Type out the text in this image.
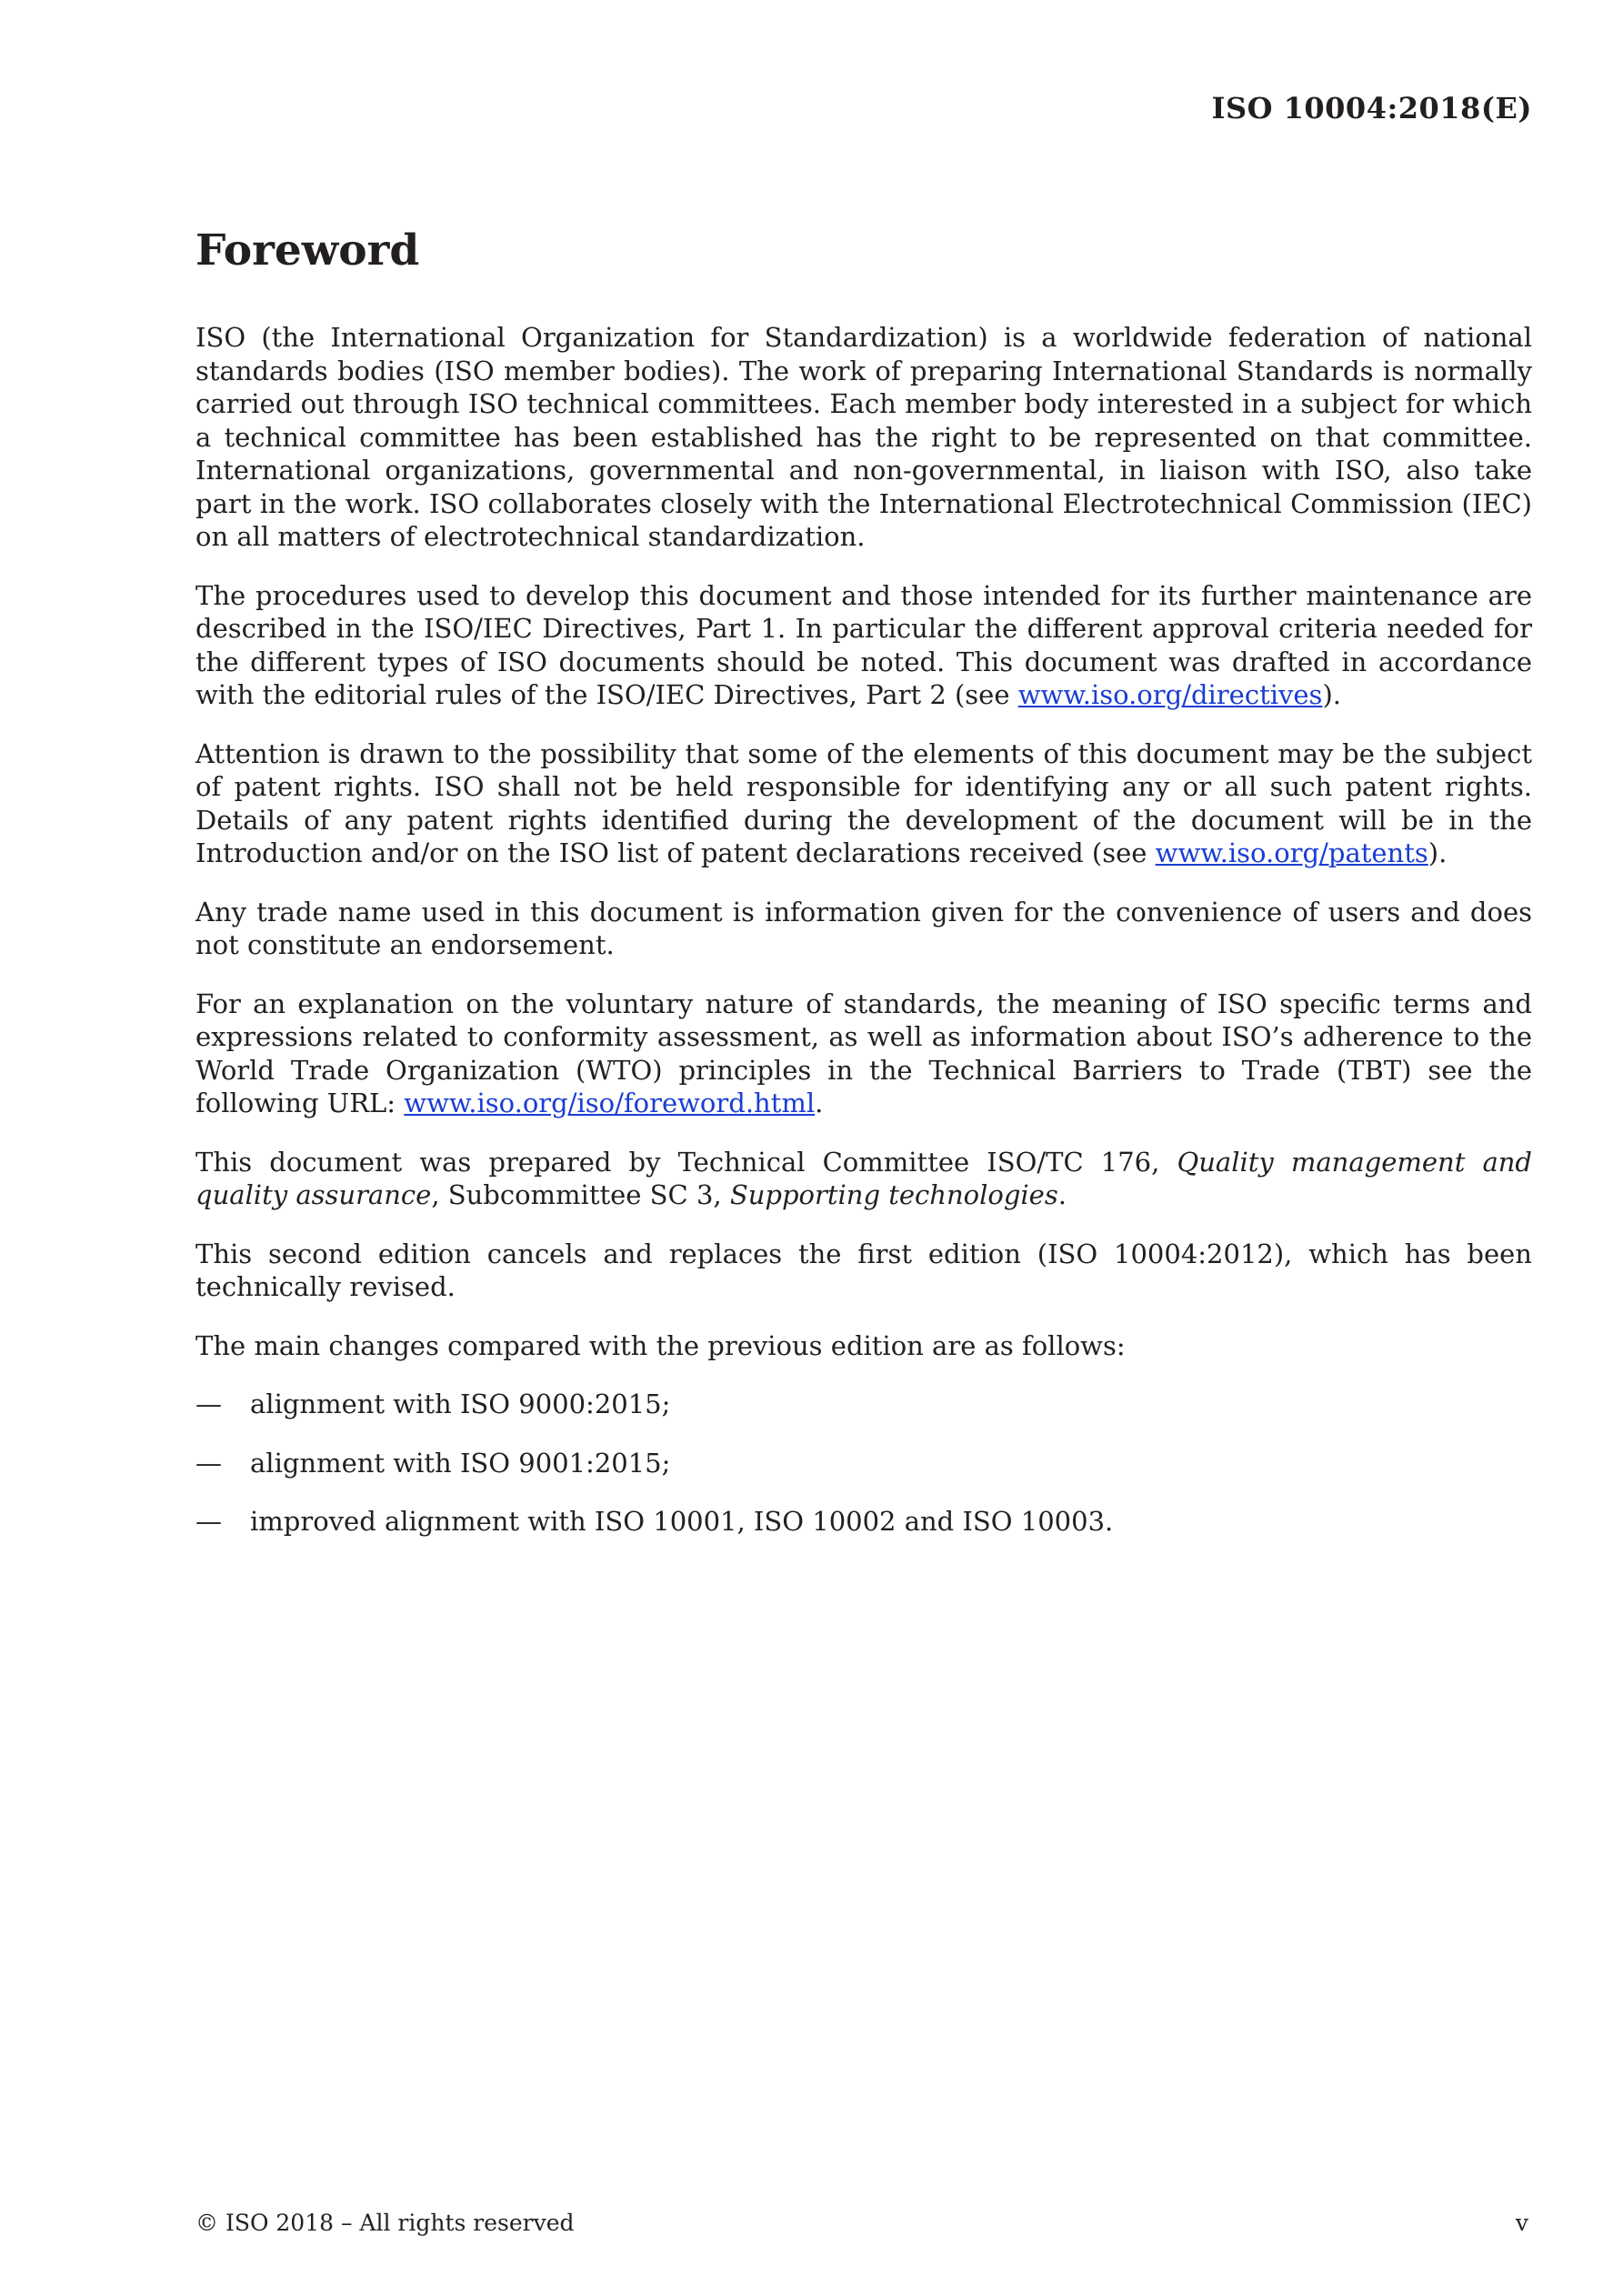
ISO 10004:2018(E)
Foreword

ISO (the International Organization for Standardization) is a worldwide federation of national standards bodies (ISO member bodies). The work of preparing International Standards is normally carried out through ISO technical committees. Each member body interested in a subject for which a technical committee has been established has the right to be represented on that committee. International organizations, governmental and non-governmental, in liaison with ISO, also take part in the work. ISO collaborates closely with the International Electrotechnical Commission (IEC) on all matters of electrotechnical standardization.

The procedures used to develop this document and those intended for its further maintenance are described in the ISO/IEC Directives, Part 1. In particular the different approval criteria needed for the different types of ISO documents should be noted. This document was drafted in accordance with the editorial rules of the ISO/IEC Directives, Part 2 (see www.iso.org/directives).

Attention is drawn to the possibility that some of the elements of this document may be the subject of patent rights. ISO shall not be held responsible for identifying any or all such patent rights. Details of any patent rights identified during the development of the document will be in the Introduction and/or on the ISO list of patent declarations received (see www.iso.org/patents).

Any trade name used in this document is information given for the convenience of users and does not constitute an endorsement.

For an explanation on the voluntary nature of standards, the meaning of ISO specific terms and expressions related to conformity assessment, as well as information about ISO’s adherence to the World Trade Organization (WTO) principles in the Technical Barriers to Trade (TBT) see the following URL: www.iso.org/iso/foreword.html.

This document was prepared by Technical Committee ISO/TC 176, Quality management and quality assurance, Subcommittee SC 3, Supporting technologies.

This second edition cancels and replaces the first edition (ISO 10004:2012), which has been technically revised.

The main changes compared with the previous edition are as follows:

—	alignment with ISO 9000:2015;
—	alignment with ISO 9001:2015;
—	improved alignment with ISO 10001, ISO 10002 and ISO 10003.
© ISO 2018 – All rights reserved	v
